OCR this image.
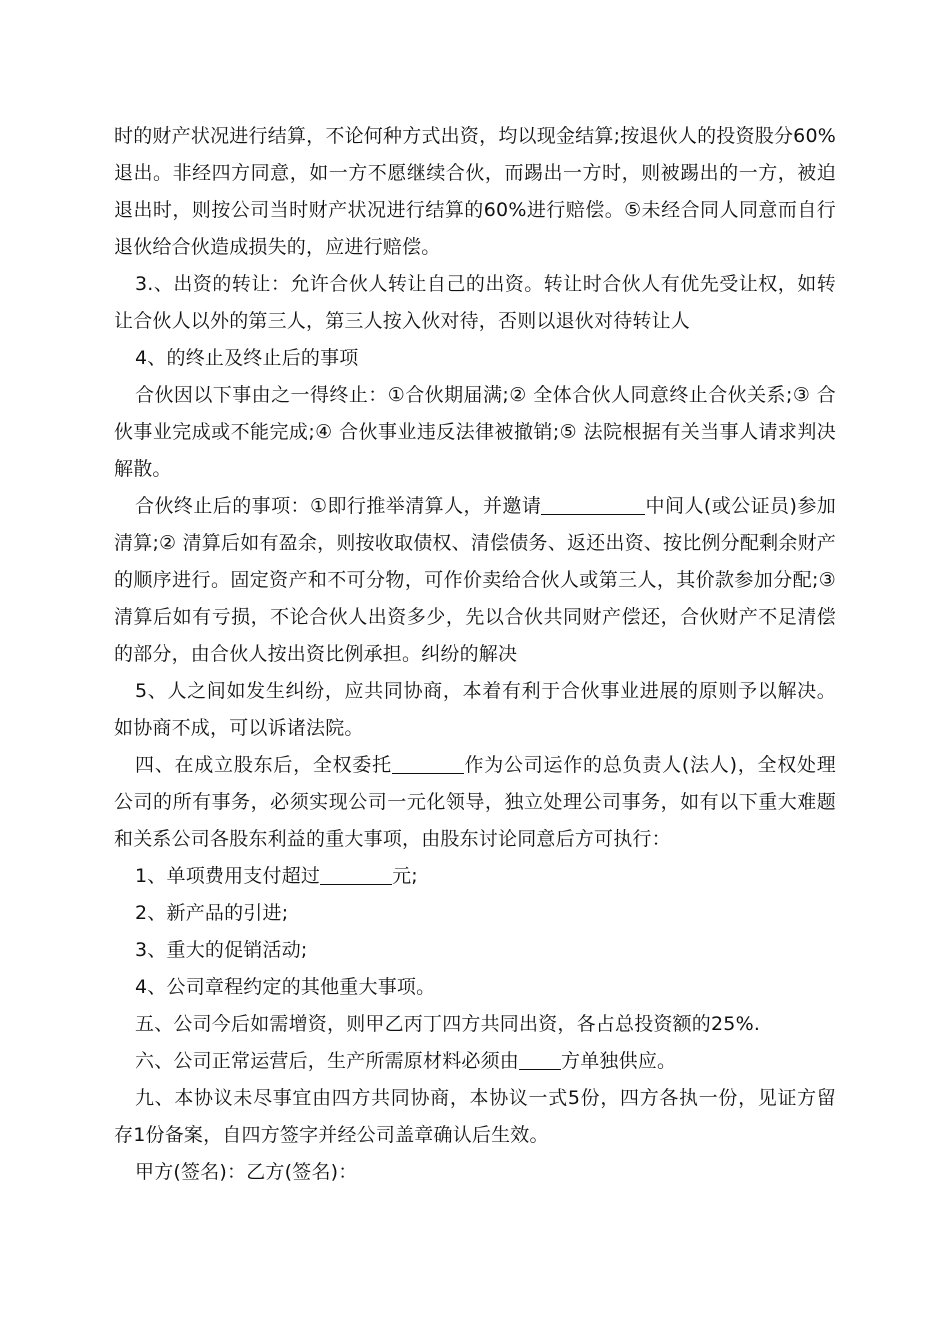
时的财产状况进行结算，不论何种方式出资，均以现金结算;按退伙人的投资股分60%退出。非经四方同意，如一方不愿继续合伙，而踢出一方时，则被踢出的一方，被迫退出时，则按公司当时财产状况进行结算的60%进行赔偿。⑤未经合同人同意而自行退伙给合伙造成损失的，应进行赔偿。

3.、出资的转让：允许合伙人转让自己的出资。转让时合伙人有优先受让权，如转让合伙人以外的第三人，第三人按入伙对待，否则以退伙对待转让人

4、的终止及终止后的事项

合伙因以下事由之一得终止：①合伙期届满;② 全体合伙人同意终止合伙关系;③ 合伙事业完成或不能完成;④ 合伙事业违反法律被撤销;⑤ 法院根据有关当事人请求判决解散。

合伙终止后的事项：①即行推举清算人，并邀请	中间人(或公证员)参加清算;② 清算后如有盈余，则按收取债权、清偿债务、返还出资、按比例分配剩余财产的顺序进行。固定资产和不可分物，可作价卖给合伙人或第三人，其价款参加分配;③ 清算后如有亏损，不论合伙人出资多少，先以合伙共同财产偿还，合伙财产不足清偿的部分，由合伙人按出资比例承担。纠纷的解决

5、人之间如发生纠纷，应共同协商，本着有利于合伙事业进展的原则予以解决。如协商不成，可以诉诸法院。

四、在成立股东后，全权委托	作为公司运作的总负责人(法人)，全权处理公司的所有事务，必须实现公司一元化领导，独立处理公司事务，如有以下重大难题和关系公司各股东利益的重大事项，由股东讨论同意后方可执行：

1、单项费用支付超过	元;

2、新产品的引进;

3、重大的促销活动;

4、公司章程约定的其他重大事项。

五、公司今后如需增资，则甲乙丙丁四方共同出资，各占总投资额的25%.

六、公司正常运营后，生产所需原材料必须由 方单独供应。

九、本协议未尽事宜由四方共同协商，本协议一式5份，四方各执一份，见证方留存1份备案，自四方签字并经公司盖章确认后生效。

甲方(签名)：乙方(签名)：
